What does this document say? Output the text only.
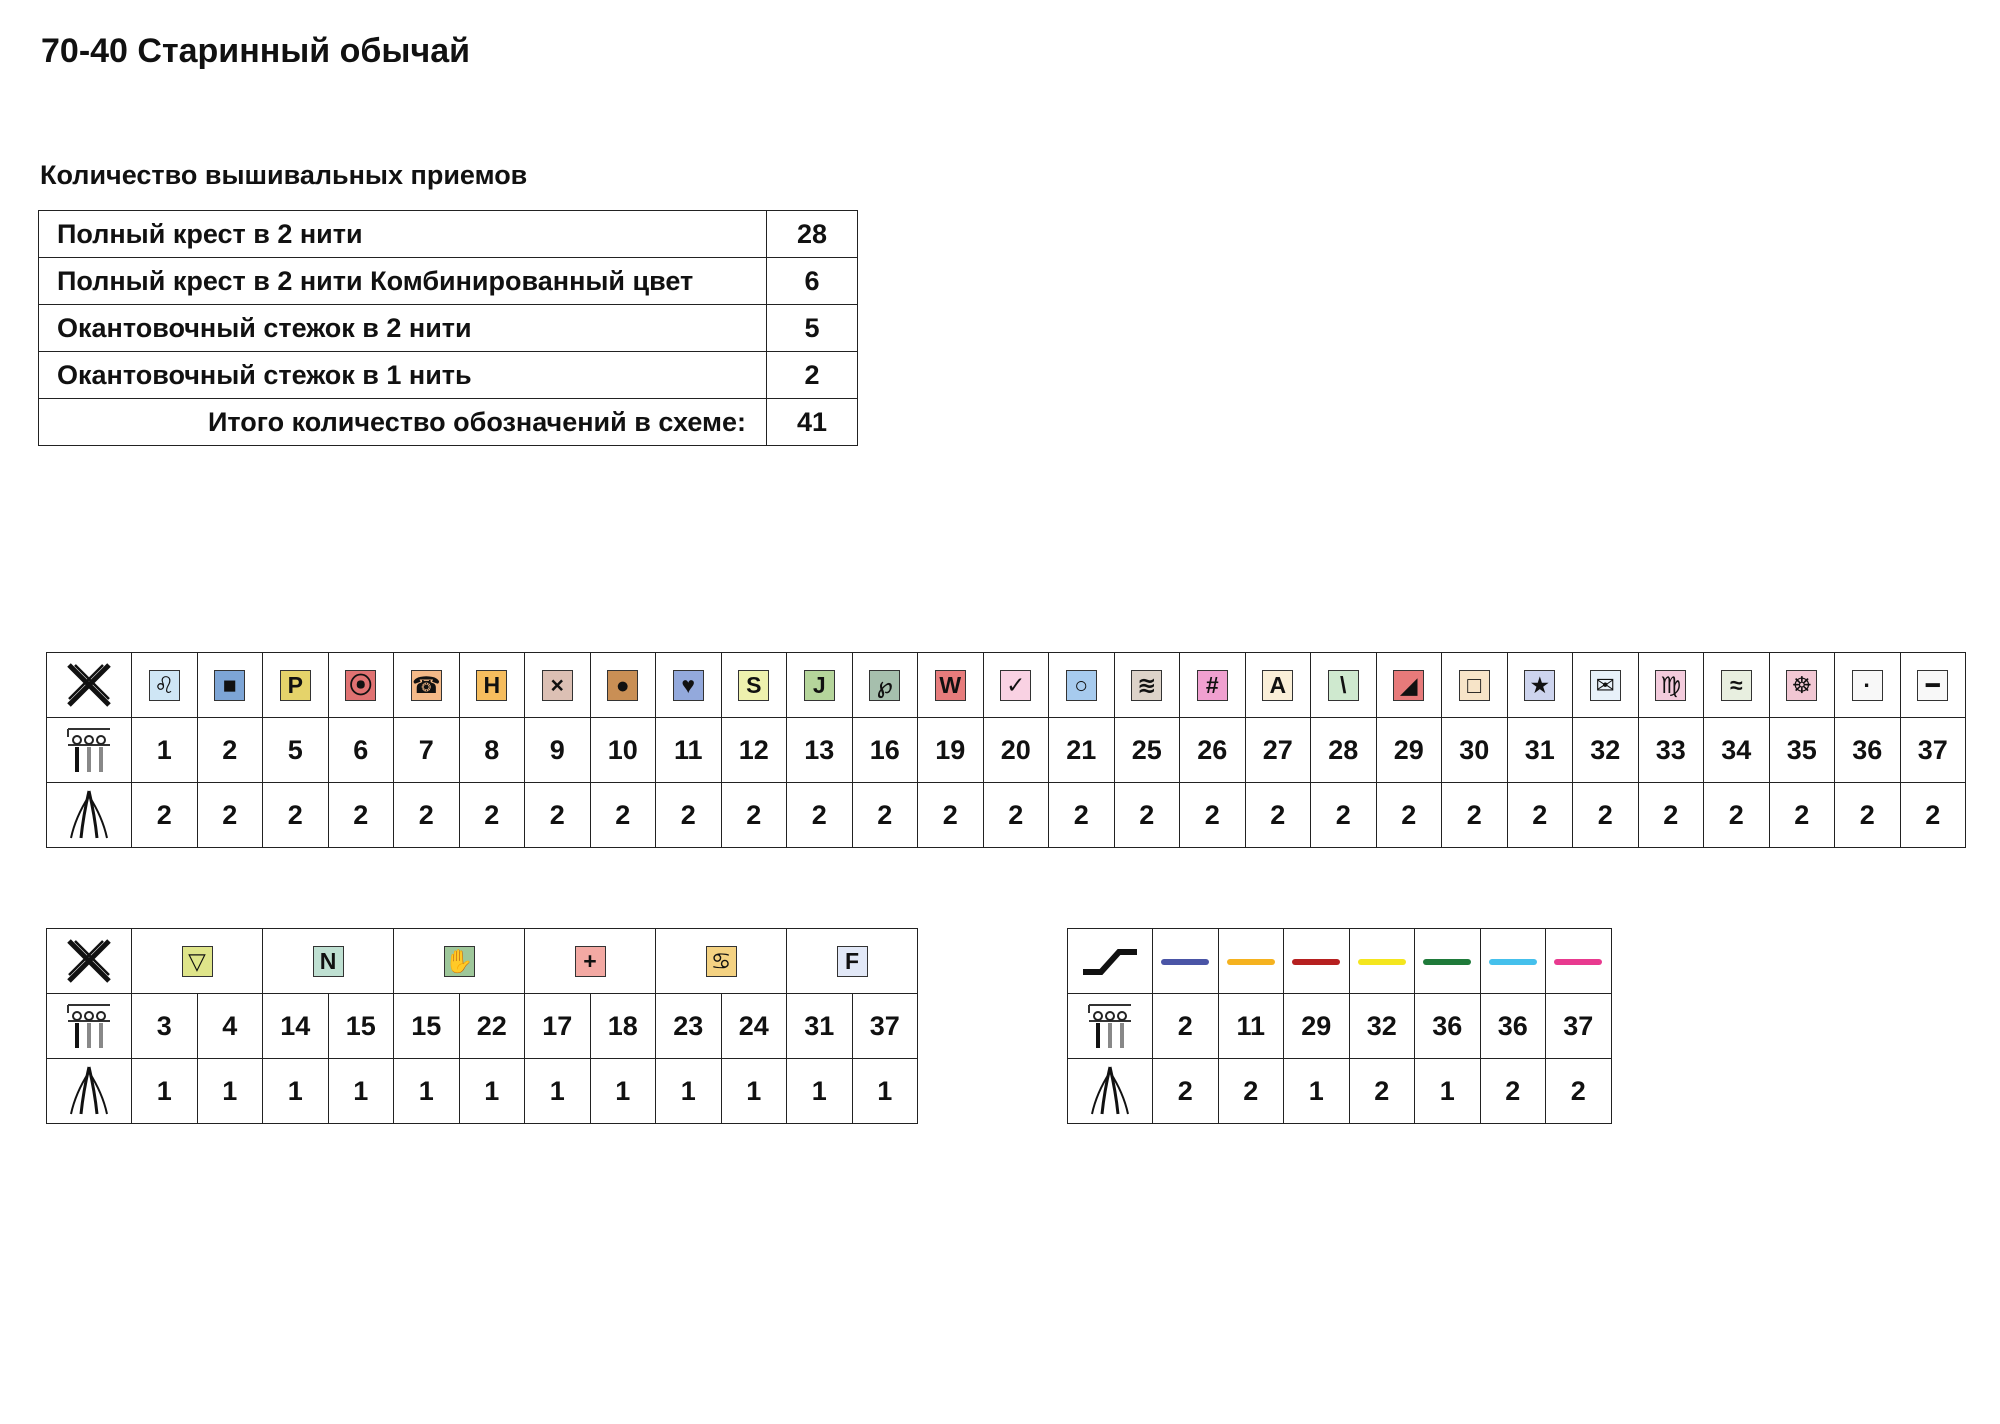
70-40 Старинный обычай
Количество вышивальных приемов
Полный крест в 2 нити	28
Полный крест в 2 нити Комбинированный цвет	6
Окантовочный стежок в 2 нити	5
Окантовочный стежок в 1 нить	2
Итого количество обозначений в схеме:	41
	♌	■	P	⦿	☎	H	×	●	♥	S	J	℘	W	✓	○	≋	#	A	\	◢	□	★	✉	♍	≈	☸	·	━

	1	2	5	6	7	8	9	10	11	12	13	16	19	20	21	25	26	27	28	29	30	31	32	33	34	35	36	37

	2	2	2	2	2	2	2	2	2	2	2	2	2	2	2	2	2	2	2	2	2	2	2	2	2	2	2	2
	▽		N		✋		+		♋		F	

	3	4	14	15	15	22	17	18	23	24	31	37

	1	1	1	1	1	1	1	1	1	1	1	1

	2	11	29	32	36	36	37

	2	2	1	2	1	2	2
